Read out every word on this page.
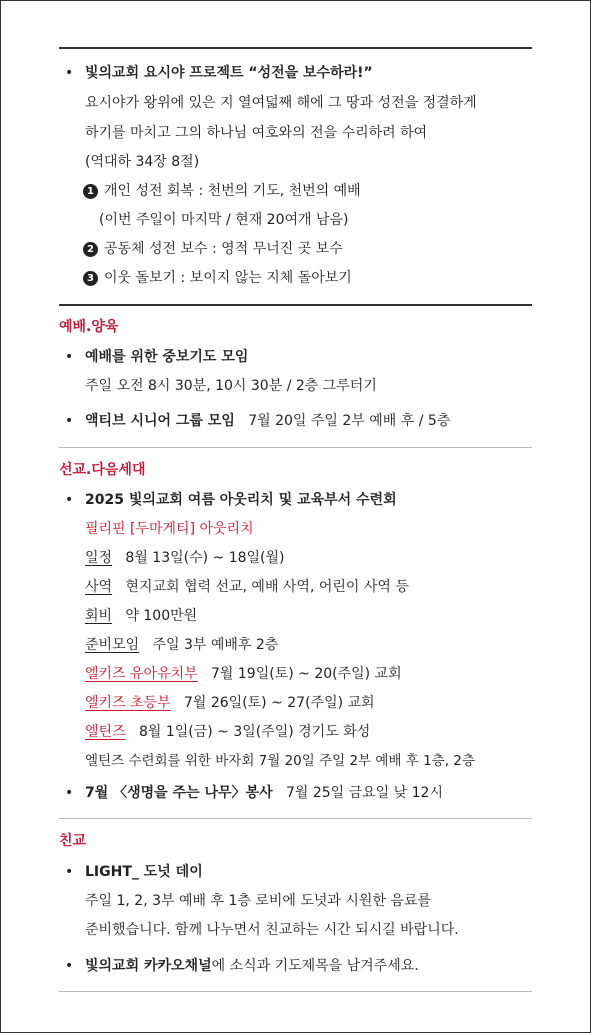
• 빛의교회 요시야 프로젝트 “성전을 보수하라!”
요시야가 왕위에 있은 지 열여덟째 해에 그 땅과 성전을 정결하게
하기를 마치고 그의 하나님 여호와의 전을 수리하려 하여
(역대하 34장 8절)
1 개인 성전 회복 : 천번의 기도, 천번의 예배
(이번 주일이 마지막 / 현재 20여개 남음)
2 공동체 성전 보수 : 영적 무너진 곳 보수
3 이웃 돌보기 : 보이지 않는 지체 돌아보기
예배.양육
• 예배를 위한 중보기도 모임
주일 오전 8시 30분, 10시 30분 / 2층 그루터기
• 액티브 시니어 그룹 모임 7월 20일 주일 2부 예배 후 / 5층
선교.다음세대
• 2025 빛의교회 여름 아웃리치 및 교육부서 수련회
필리핀 [두마게티] 아웃리치
일정 8월 13일(수) ~ 18일(월)
사역 현지교회 협력 선교, 예배 사역, 어린이 사역 등
회비 약 100만원
준비모임 주일 3부 예배후 2층
엘키즈 유아유치부 7월 19일(토) ~ 20(주일) 교회
엘키즈 초등부 7월 26일(토) ~ 27(주일) 교회
엘틴즈 8월 1일(금) ~ 3일(주일) 경기도 화성
엘틴즈 수련회를 위한 바자회 7월 20일 주일 2부 예배 후 1층, 2층
• 7월 〈생명을 주는 나무〉봉사 7월 25일 금요일 낮 12시
친교
• LIGHT_ 도넛 데이
주일 1, 2, 3부 예배 후 1층 로비에 도넛과 시원한 음료를
준비했습니다. 함께 나누면서 친교하는 시간 되시길 바랍니다.
• 빛의교회 카카오채널에 소식과 기도제목을 남겨주세요.
